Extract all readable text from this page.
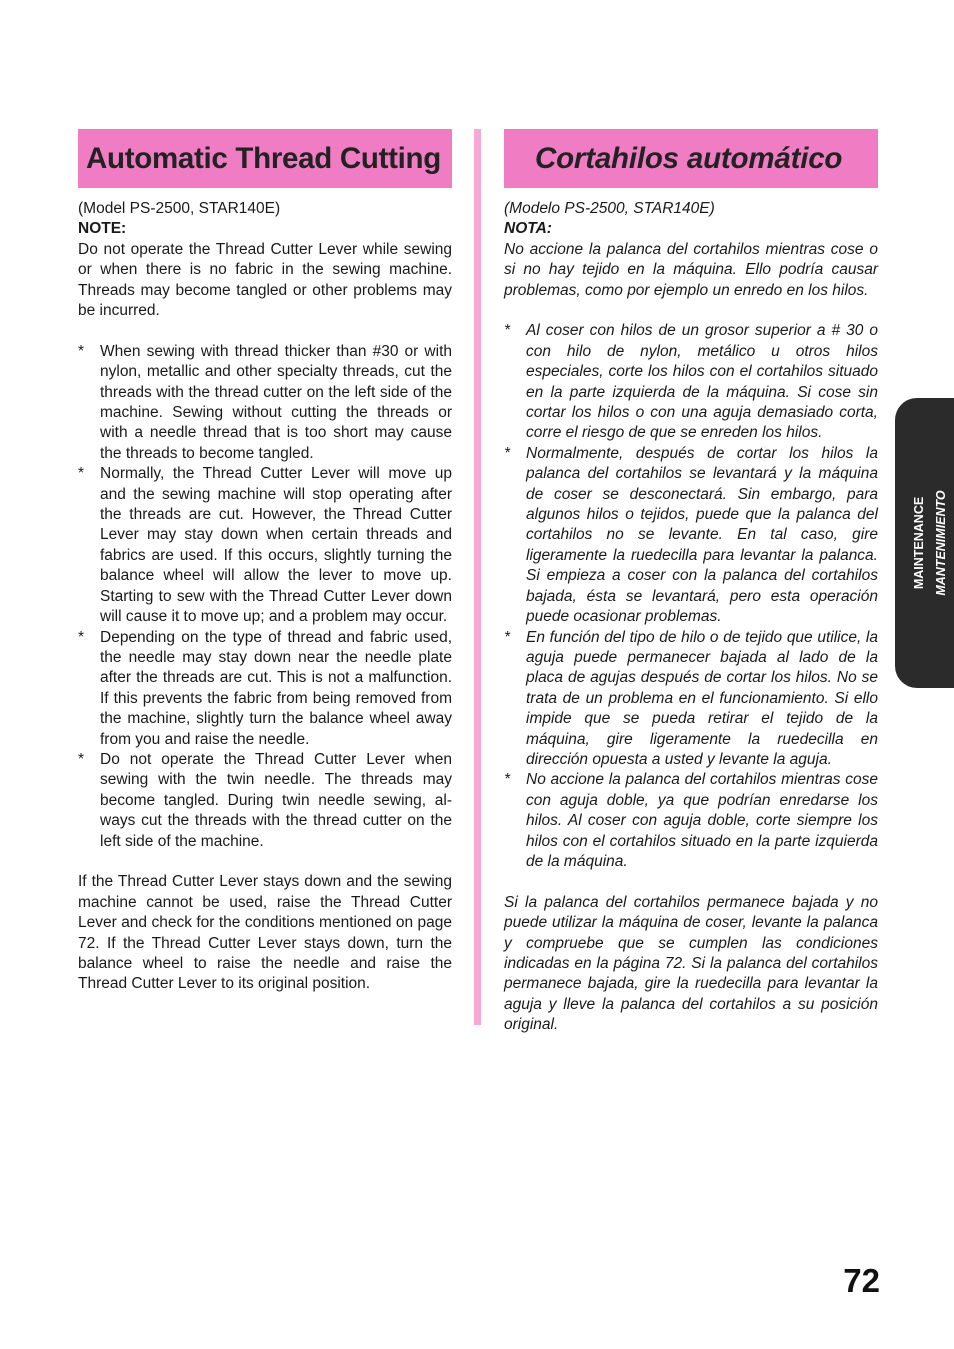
Automatic Thread Cutting

(Model PS-2500, STAR140E)

NOTE:

Do not operate the Thread Cutter Lever while sewing or when there is no fabric in the sewing machine. Threads may become tangled or other problems may be incurred.

* When sewing with thread thicker than #30 or with nylon, metallic and other specialty threads, cut the threads with the thread cutter on the left side of the machine. Sewing without cutting the threads or with a needle thread that is too short may cause the threads to become tangled.
* Normally, the Thread Cutter Lever will move up and the sewing machine will stop operating after the threads are cut. However, the Thread Cutter Lever may stay down when certain threads and fabrics are used. If this occurs, slightly turning the balance wheel will allow the lever to move up. Starting to sew with the Thread Cutter Lever down will cause it to move up; and a problem may occur.
* Depending on the type of thread and fabric used, the needle may stay down near the needle plate after the threads are cut. This is not a malfunction. If this prevents the fabric from being removed from the machine, slightly turn the balance wheel away from you and raise the needle.
* Do not operate the Thread Cutter Lever when sewing with the twin needle. The threads may become tangled. During twin needle sewing, al-ways cut the threads with the thread cutter on the left side of the machine.

If the Thread Cutter Lever stays down and the sewing machine cannot be used, raise the Thread Cutter Lever and check for the conditions mentioned on page 72. If the Thread Cutter Lever stays down, turn the balance wheel to raise the needle and raise the Thread Cutter Lever to its original position.

Cortahilos automático

(Modelo PS-2500, STAR140E)

NOTA:

No accione la palanca del cortahilos mientras cose o si no hay tejido en la máquina. Ello podría causar problemas, como por ejemplo un enredo en los hilos.

* Al coser con hilos de un grosor superior a # 30 o con hilo de nylon, metálico u otros hilos especiales, corte los hilos con el cortahilos situado en la parte izquierda de la máquina. Si cose sin cortar los hilos o con una aguja demasiado corta, corre el riesgo de que se enreden los hilos.
* Normalmente, después de cortar los hilos la palanca del cortahilos se levantará y la máquina de coser se desconectará. Sin embargo, para algunos hilos o tejidos, puede que la palanca del cortahilos no se levante. En tal caso, gire ligeramente la ruedecilla para levantar la palanca. Si empieza a coser con la palanca del cortahilos bajada, ésta se levantará, pero esta operación puede ocasionar problemas.
* En función del tipo de hilo o de tejido que utilice, la aguja puede permanecer bajada al lado de la placa de agujas después de cortar los hilos. No se trata de un problema en el funcionamiento. Si ello impide que se pueda retirar el tejido de la máquina, gire ligeramente la ruedecilla en dirección opuesta a usted y levante la aguja.
* No accione la palanca del cortahilos mientras cose con aguja doble, ya que podrían enredarse los hilos. Al coser con aguja doble, corte siempre los hilos con el cortahilos situado en la parte izquierda de la máquina.

Si la palanca del cortahilos permanece bajada y no puede utilizar la máquina de coser, levante la palanca y compruebe que se cumplen las condiciones indicadas en la página 72. Si la palanca del cortahilos permanece bajada, gire la ruedecilla para levantar la aguja y lleve la palanca del cortahilos a su posición original.

MAINTENANCE MANTENIMIENTO
72
